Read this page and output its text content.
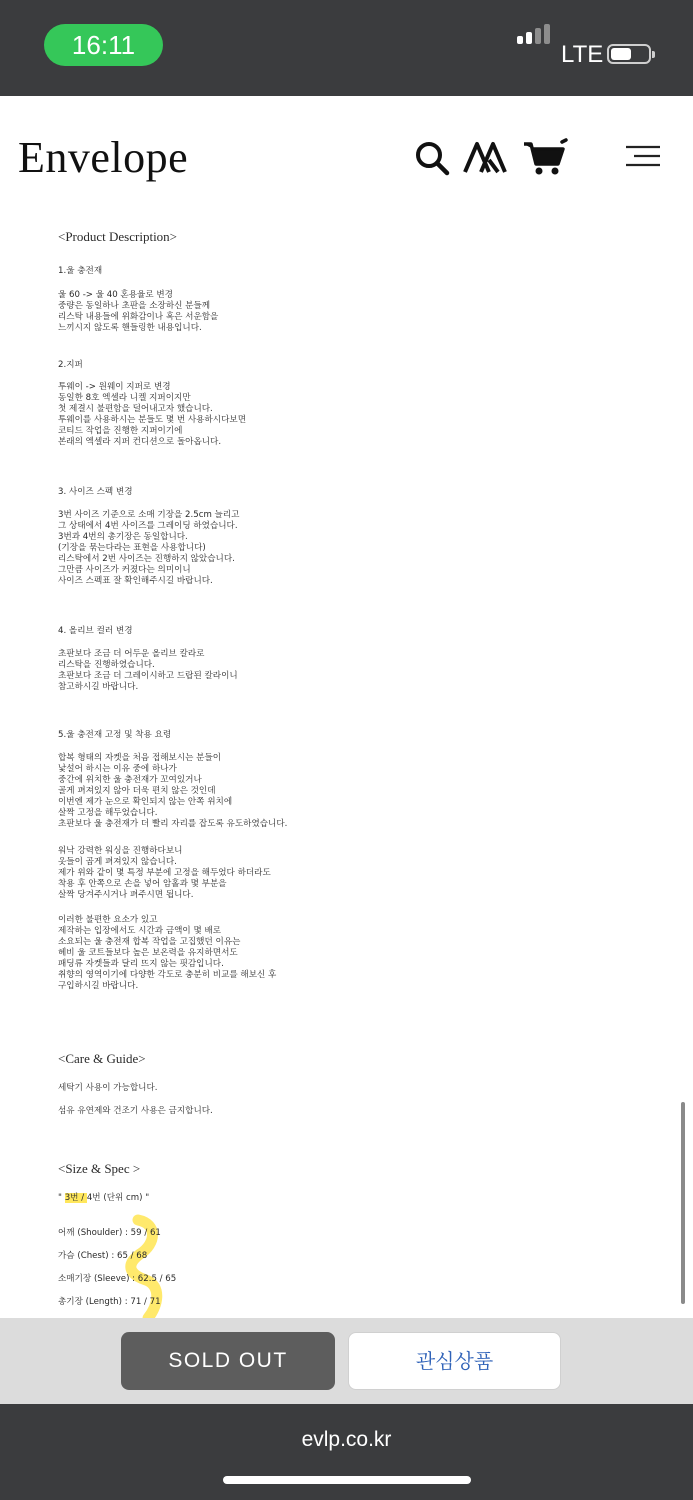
16:11	LTE
<Product Description>
1.울 충전재
울 60 -> 울 40 혼용율로 변경
중량은 동일하나 초판을 소장하신 분들께
리스탁 내용들에 위화감이나 혹은 서운함을
느끼시지 않도록 핸들링한 내용입니다.
2.지퍼
투웨이 -> 원웨이 지퍼로 변경
동일한 8호 엑셀라 니켈 지퍼이지만
첫 제결시 불편함을 덜어내고자 했습니다.
투웨이를 사용하시는 분들도 몇 번 사용하시다보면
코티드 작업을 진행한 지퍼이기에
본래의 엑셀라 지퍼 컨디션으로 돌아옵니다.
3. 사이즈 스펙 변경
3번 사이즈 기준으로 소매 기장을 2.5cm 늘리고
그 상태에서 4번 사이즈를 그레이딩 하였습니다.
3번과 4번의 총기장은 동일합니다.
(기장을 묶는다라는 표현을 사용합니다)
리스탁에서 2번 사이즈는 진행하지 않았습니다.
그만큼 사이즈가 커졌다는 의미이니
사이즈 스펙표 잘 확인해주시길 바랍니다.
4. 올리브 컬러 변경
초판보다 조금 더 어두운 올리브 칼라로
리스탁을 진행하였습니다.
초판보다 조금 더 그레이시하고 드랍된 칼라이니
참고하시길 바랍니다.
5.울 충전재 고정 및 착용 요령
합복 형태의 자켓을 처음 접해보시는 분들이
낯설어 하시는 이유 중에 하나가
중간에 위치한 울 충전재가 꼬여있거나
골게 펴져있지 않아 더욱 편치 않은 것인데
이번엔 제가 눈으로 확인되지 않는 안쪽 위치에
살짝 고정을 해두었습니다.
초판보다 울 충전재가 더 빨리 자리를 잡도록 유도하였습니다.
워낙 강력한 워싱을 진행하다보니
옷들이 곱게 펴져있지 않습니다.
제가 위와 같이 몇 특정 부분에 고정을 해두었다 하더라도
착용 후 안쪽으로 손을 넣어 암홀과 몇 부분을
살짝 당겨주시거나 펴주시면 됩니다.
이러한 불편한 요소가 있고
제작하는 입장에서도 시간과 금액이 몇 배로
소요되는 울 충전재 합복 작업을 고집했던 이유는
헤비 울 코트들보다 높은 보온력을 유지하면서도
패딩류 자켓들과 달리 뜨지 않는 핏감입니다.
취향의 영역이기에 다양한 각도로 충분히 비교를 해보신 후
구입하시길 바랍니다.
<Care & Guide>
세탁기 사용이 가능합니다.
섬유 유연제와 건조기 사용은 금지합니다.
<Size & Spec >
" 3번 / 4번 (단위 cm) "
어깨 (Shoulder) : 59 / 61
가슴 (Chest) : 65 / 68
소매기장 (Sleeve) : 62.5 / 65
총기장 (Length) : 71 / 71
Envelope
SOLD OUT	관심상품
evlp.co.kr
